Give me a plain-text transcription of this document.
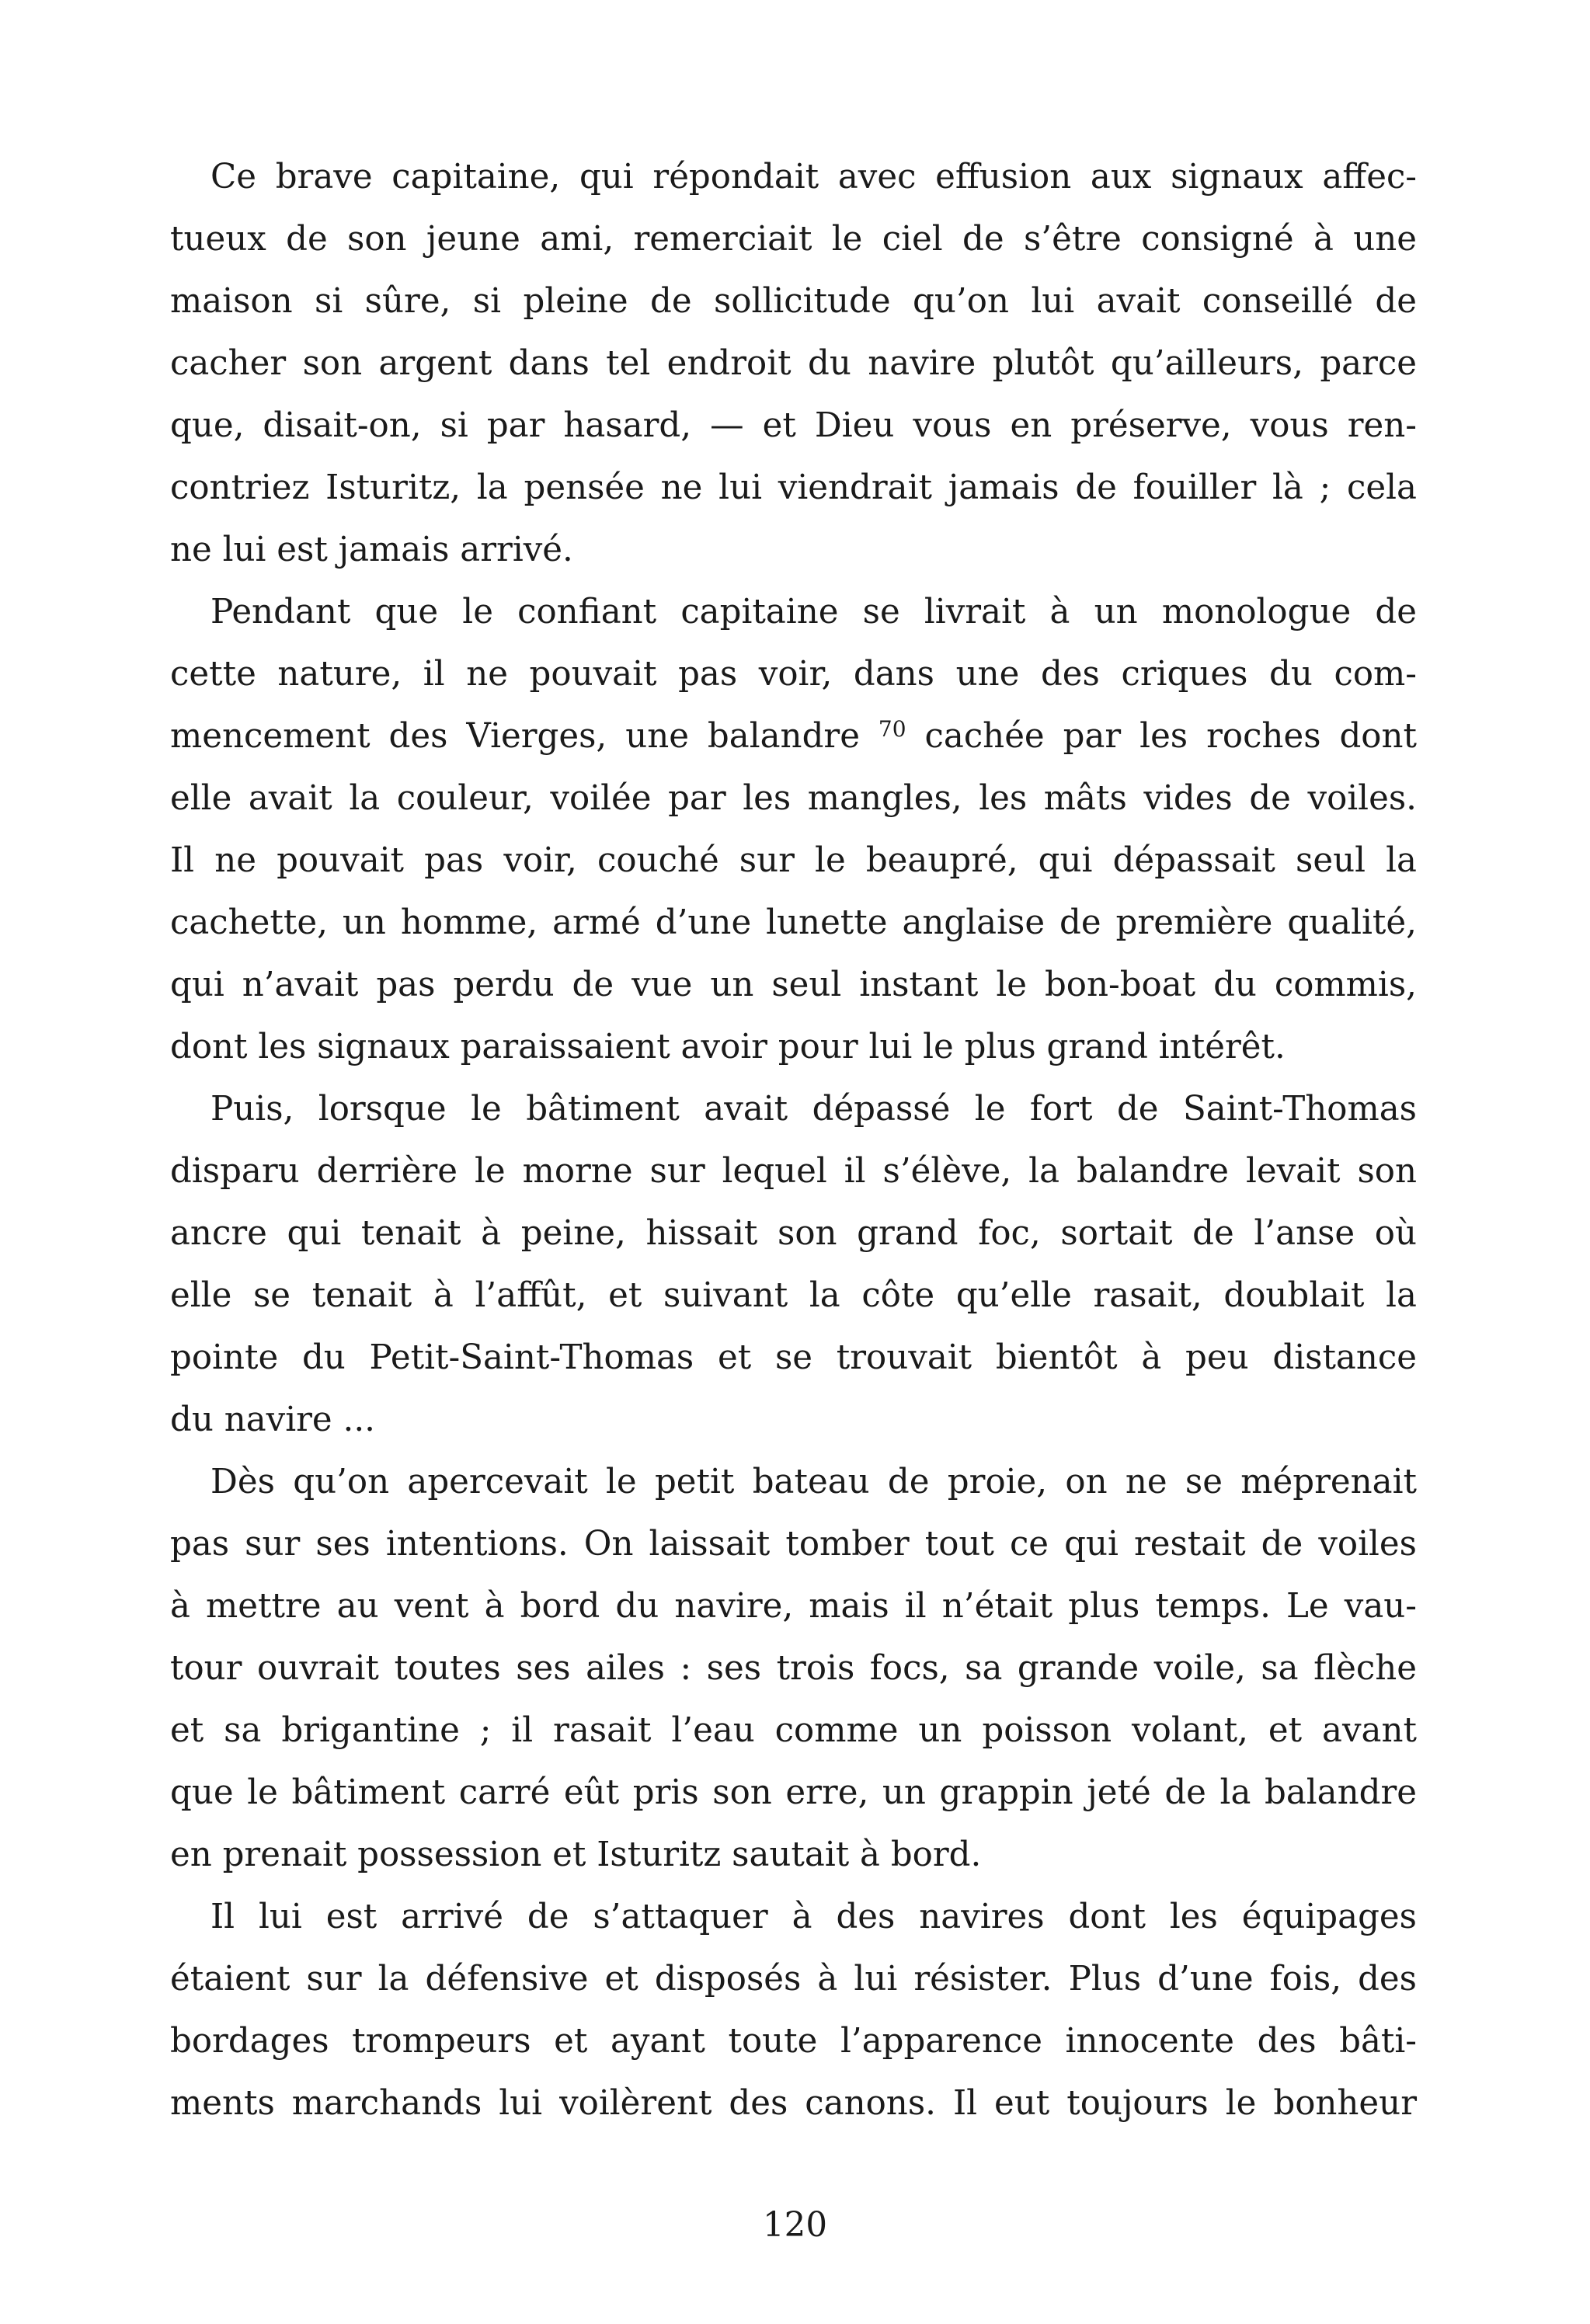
Ce brave capitaine, qui répondait avec effusion aux signaux affec-
tueux de son jeune ami, remerciait le ciel de s’être consigné à une
maison si sûre, si pleine de sollicitude qu’on lui avait conseillé de
cacher son argent dans tel endroit du navire plutôt qu’ailleurs, parce
que, disait-on, si par hasard, — et Dieu vous en préserve, vous ren-
contriez Isturitz, la pensée ne lui viendrait jamais de fouiller là ; cela
ne lui est jamais arrivé.
Pendant que le confiant capitaine se livrait à un monologue de
cette nature, il ne pouvait pas voir, dans une des criques du com-
mencement des Vierges, une balandre $^{70}$ cachée par les roches dont
elle avait la couleur, voilée par les mangles, les mâts vides de voiles.
Il ne pouvait pas voir, couché sur le beaupré, qui dépassait seul la
cachette, un homme, armé d’une lunette anglaise de première qualité,
qui n’avait pas perdu de vue un seul instant le bon-boat du commis,
dont les signaux paraissaient avoir pour lui le plus grand intérêt.
Puis, lorsque le bâtiment avait dépassé le fort de Saint-Thomas
disparu derrière le morne sur lequel il s’élève, la balandre levait son
ancre qui tenait à peine, hissait son grand foc, sortait de l’anse où
elle se tenait à l’affût, et suivant la côte qu’elle rasait, doublait la
pointe du Petit-Saint-Thomas et se trouvait bientôt à peu distance
du navire ...
Dès qu’on apercevait le petit bateau de proie, on ne se méprenait
pas sur ses intentions. On laissait tomber tout ce qui restait de voiles
à mettre au vent à bord du navire, mais il n’était plus temps. Le vau-
tour ouvrait toutes ses ailes : ses trois focs, sa grande voile, sa flèche
et sa brigantine ; il rasait l’eau comme un poisson volant, et avant
que le bâtiment carré eût pris son erre, un grappin jeté de la balandre
en prenait possession et Isturitz sautait à bord.
Il lui est arrivé de s’attaquer à des navires dont les équipages
étaient sur la défensive et disposés à lui résister. Plus d’une fois, des
bordages trompeurs et ayant toute l’apparence innocente des bâti-
ments marchands lui voilèrent des canons. Il eut toujours le bonheur
120
